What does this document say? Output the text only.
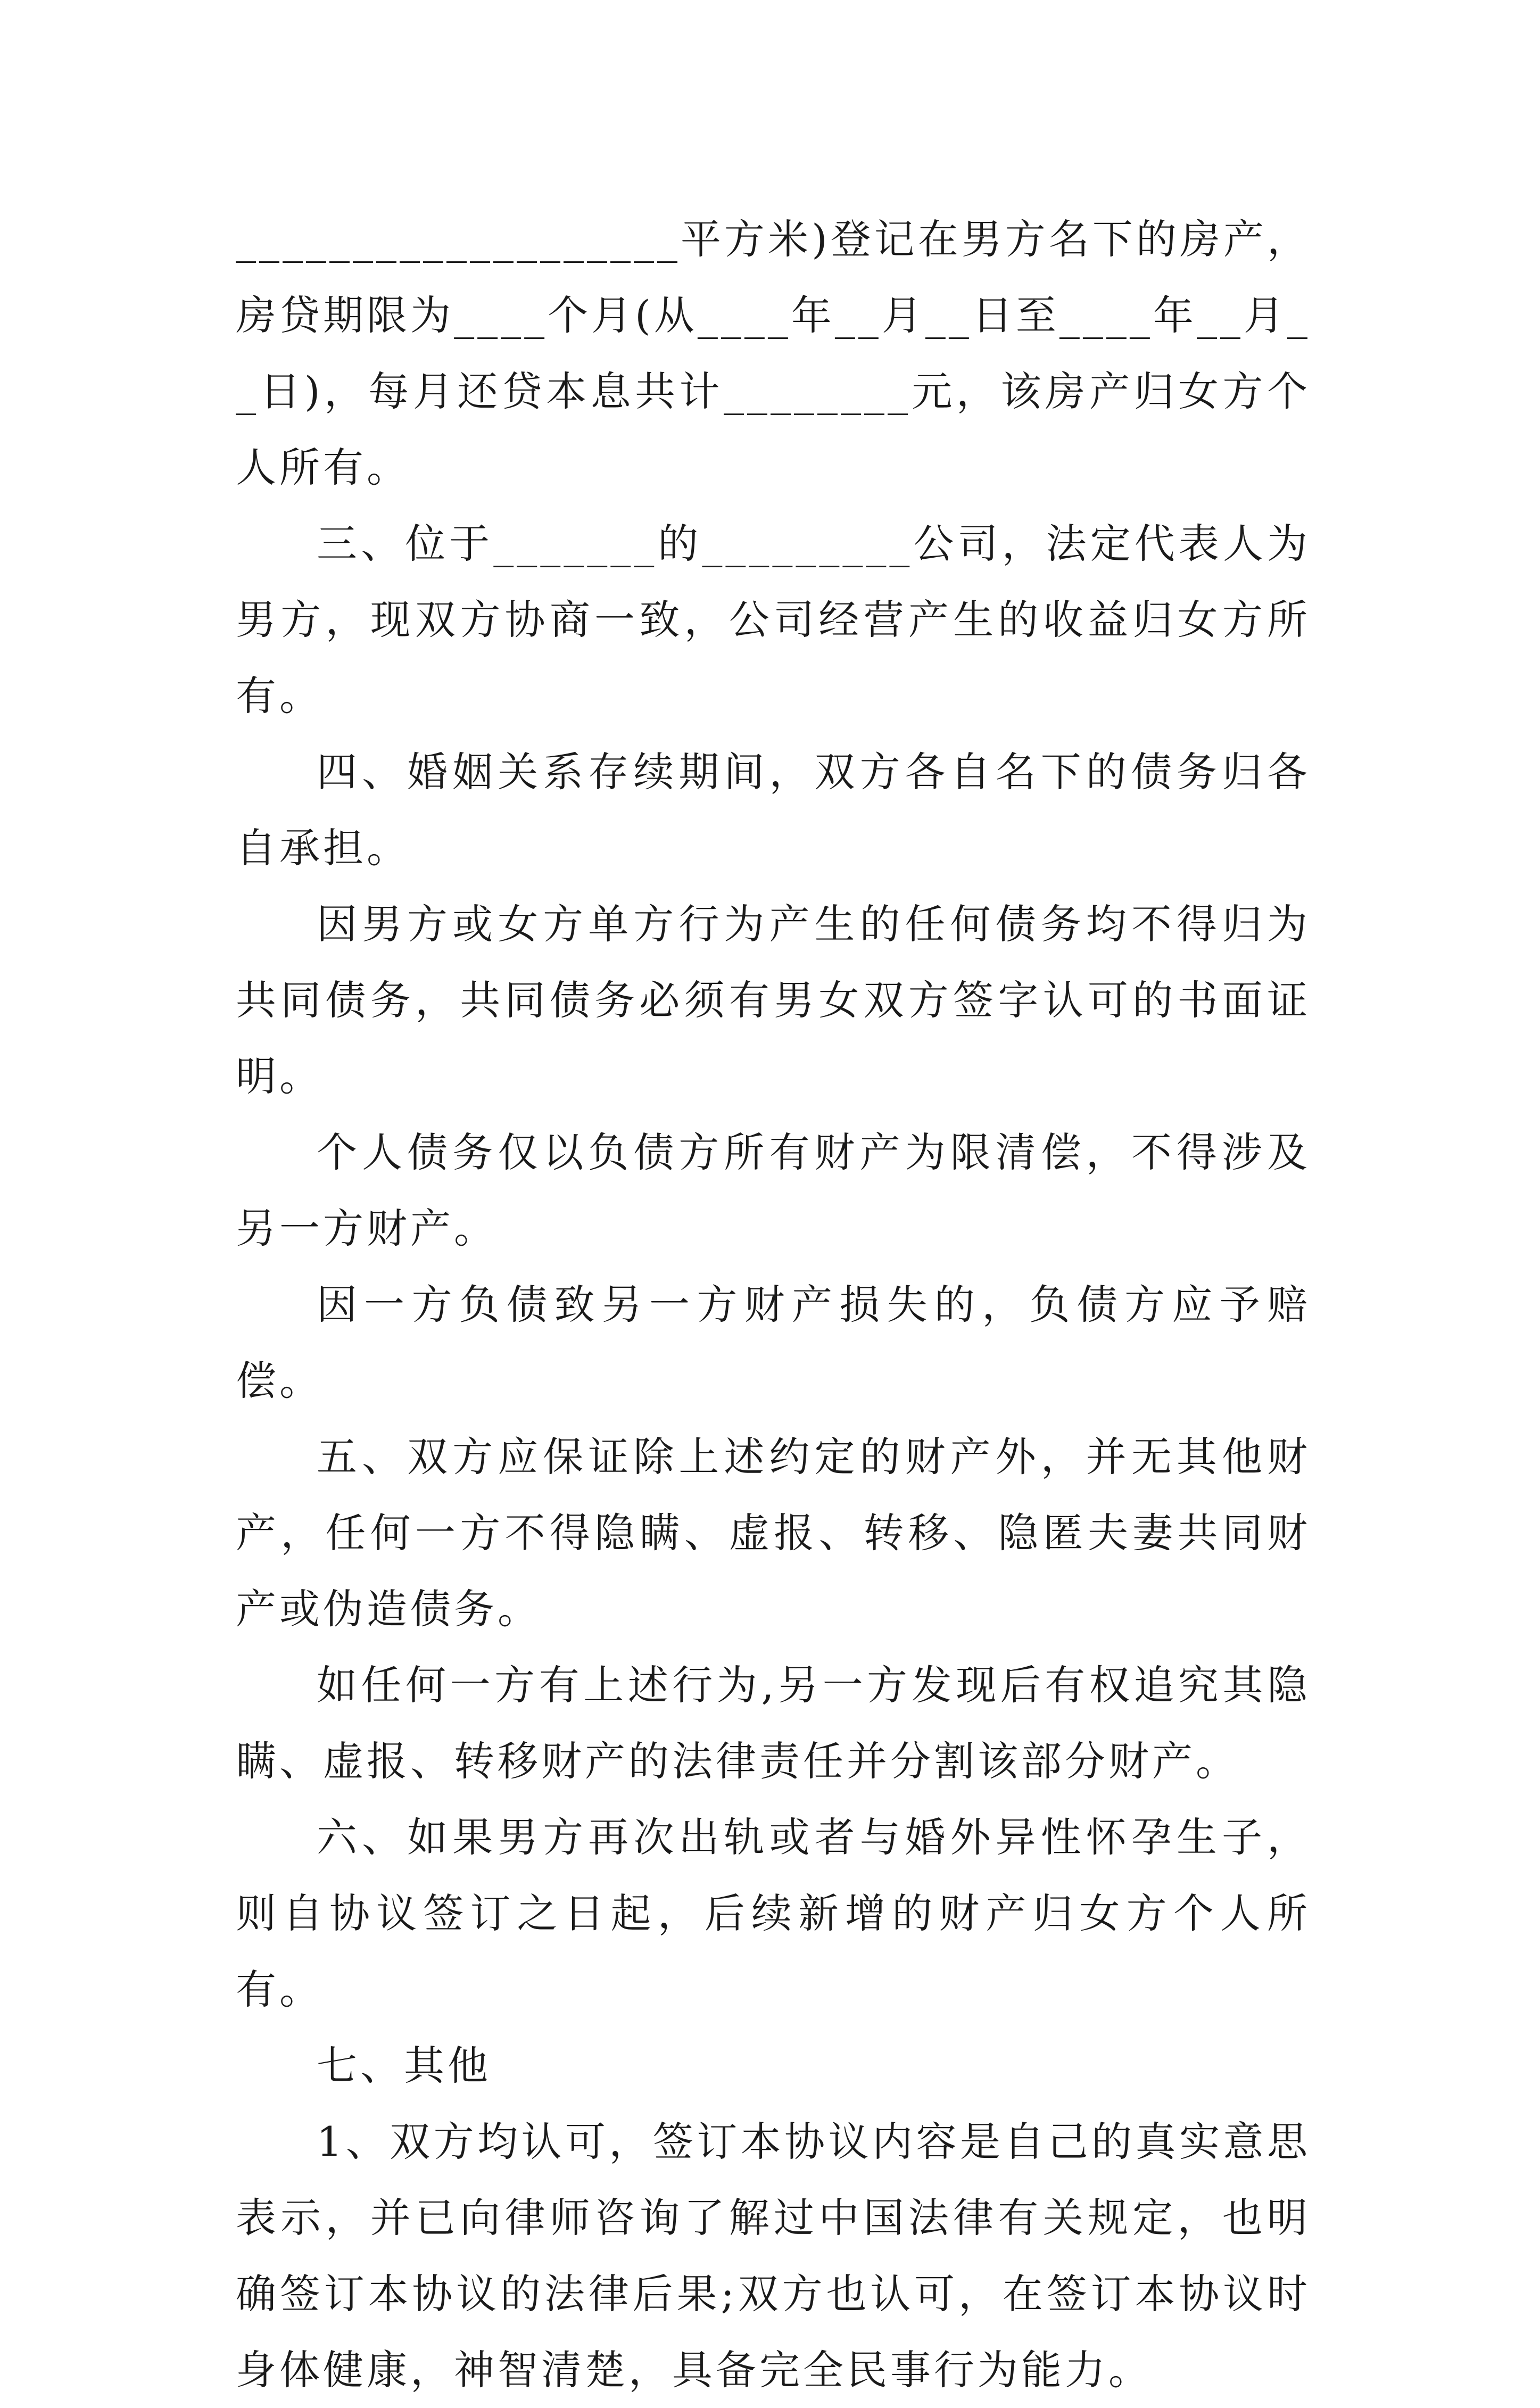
___________________平方米)登记在男方名下的房产，房贷期限为____个月(从____年__月__日至____年__月__日)，每月还贷本息共计________元，该房产归女方个人所有。

三、位于_______的_________公司，法定代表人为男方，现双方协商一致，公司经营产生的收益归女方所有。

四、婚姻关系存续期间，双方各自名下的债务归各自承担。

因男方或女方单方行为产生的任何债务均不得归为共同债务，共同债务必须有男女双方签字认可的书面证明。

个人债务仅以负债方所有财产为限清偿，不得涉及另一方财产。

因一方负债致另一方财产损失的，负债方应予赔偿。

五、双方应保证除上述约定的财产外，并无其他财产，任何一方不得隐瞒、虚报、转移、隐匿夫妻共同财产或伪造债务。

如任何一方有上述行为,另一方发现后有权追究其隐瞒、虚报、转移财产的法律责任并分割该部分财产。

六、如果男方再次出轨或者与婚外异性怀孕生子，则自协议签订之日起，后续新增的财产归女方个人所有。

七、其他

1、双方均认可，签订本协议内容是自己的真实意思表示，并已向律师咨询了解过中国法律有关规定，也明确签订本协议的法律后果;双方也认可，在签订本协议时身体健康，神智清楚，具备完全民事行为能力。
